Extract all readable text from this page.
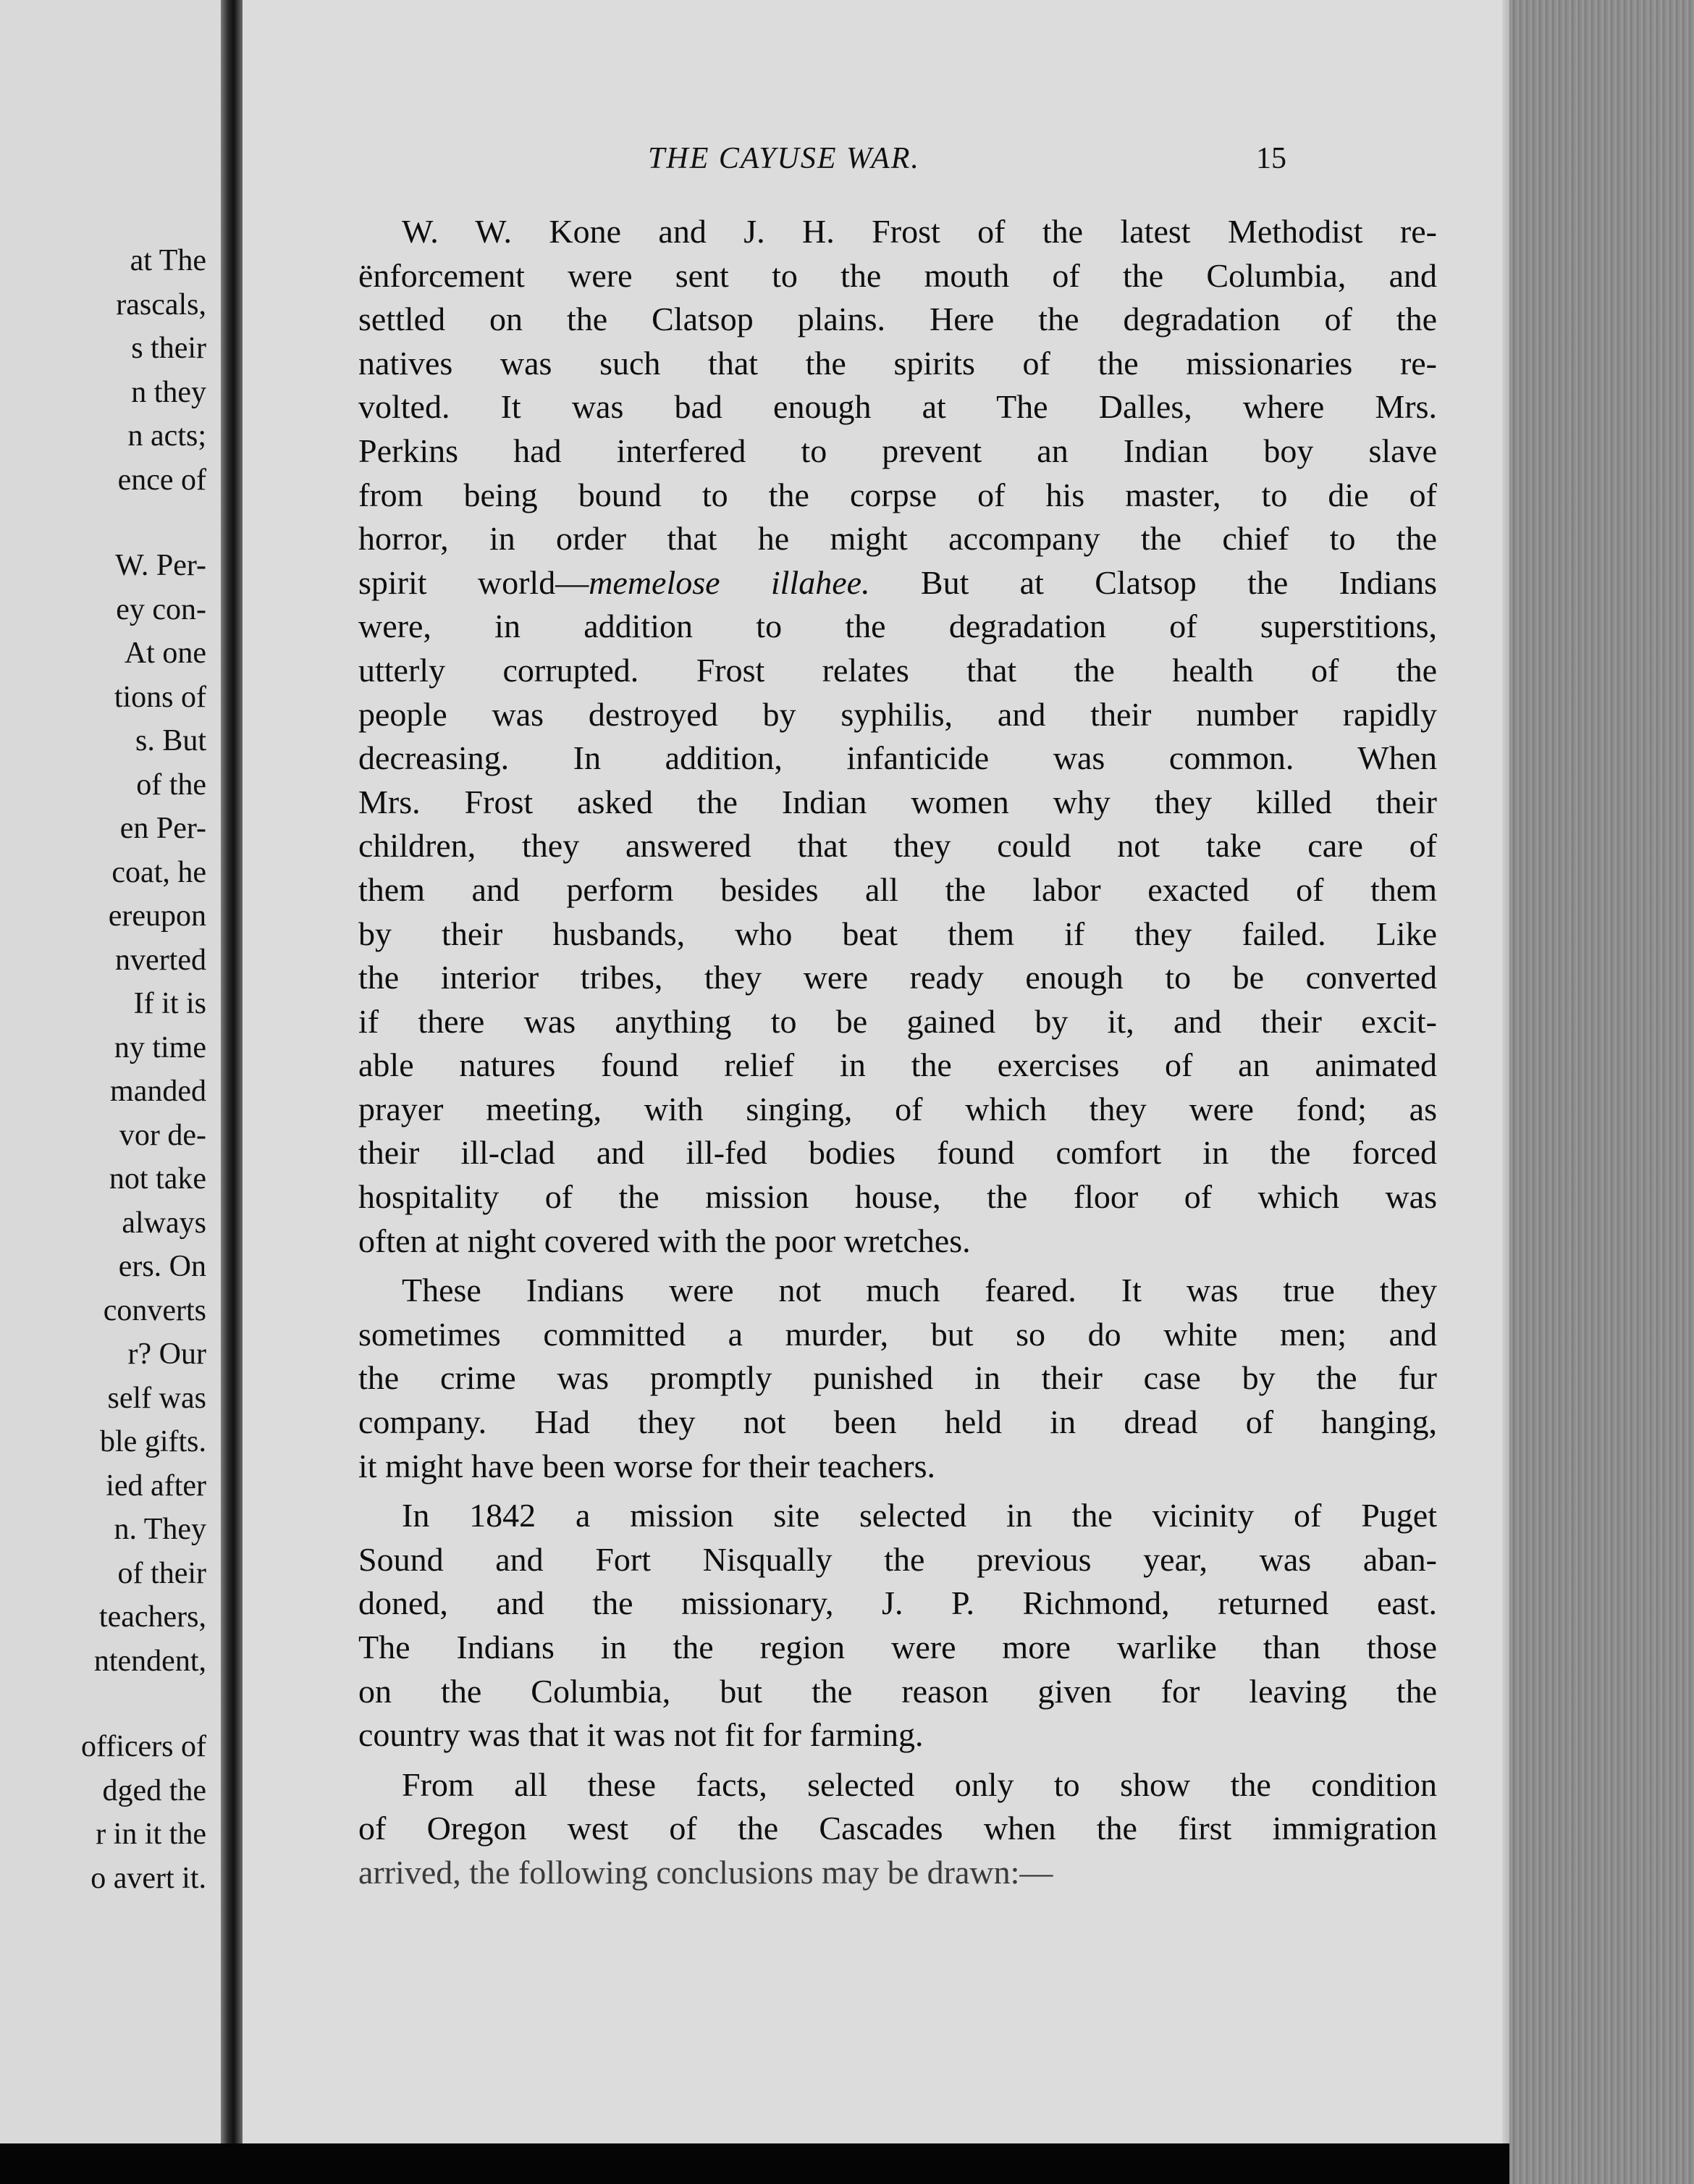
at The
rascals,
s their
n they
n acts;
ence of
W. Per-
ey con-
At one
tions of
s. But
of the
en Per-
coat, he
ereupon
nverted
If it is
ny time
manded
vor de-
not take
always
ers. On
converts
r? Our
self was
ble gifts.
ied after
n. They
of their
teachers,
ntendent,
officers of
dged the
r in it the
o avert it.
THE CAYUSE WAR.	15
W. W. Kone and J. H. Frost of the latest Methodist re-
ënforcement were sent to the mouth of the Columbia, and
settled on the Clatsop plains. Here the degradation of the
natives was such that the spirits of the missionaries re-
volted. It was bad enough at The Dalles, where Mrs.
Perkins had interfered to prevent an Indian boy slave
from being bound to the corpse of his master, to die of
horror, in order that he might accompany the chief to the
spirit world—memelose illahee. But at Clatsop the Indians
were, in addition to the degradation of superstitions,
utterly corrupted. Frost relates that the health of the
people was destroyed by syphilis, and their number rapidly
decreasing. In addition, infanticide was common. When
Mrs. Frost asked the Indian women why they killed their
children, they answered that they could not take care of
them and perform besides all the labor exacted of them
by their husbands, who beat them if they failed. Like
the interior tribes, they were ready enough to be converted
if there was anything to be gained by it, and their excit-
able natures found relief in the exercises of an animated
prayer meeting, with singing, of which they were fond; as
their ill-clad and ill-fed bodies found comfort in the forced
hospitality of the mission house, the floor of which was
often at night covered with the poor wretches.
These Indians were not much feared. It was true they
sometimes committed a murder, but so do white men; and
the crime was promptly punished in their case by the fur
company. Had they not been held in dread of hanging,
it might have been worse for their teachers.
In 1842 a mission site selected in the vicinity of Puget
Sound and Fort Nisqually the previous year, was aban-
doned, and the missionary, J. P. Richmond, returned east.
The Indians in the region were more warlike than those
on the Columbia, but the reason given for leaving the
country was that it was not fit for farming.
From all these facts, selected only to show the condition
of Oregon west of the Cascades when the first immigration
arrived, the following conclusions may be drawn:—
